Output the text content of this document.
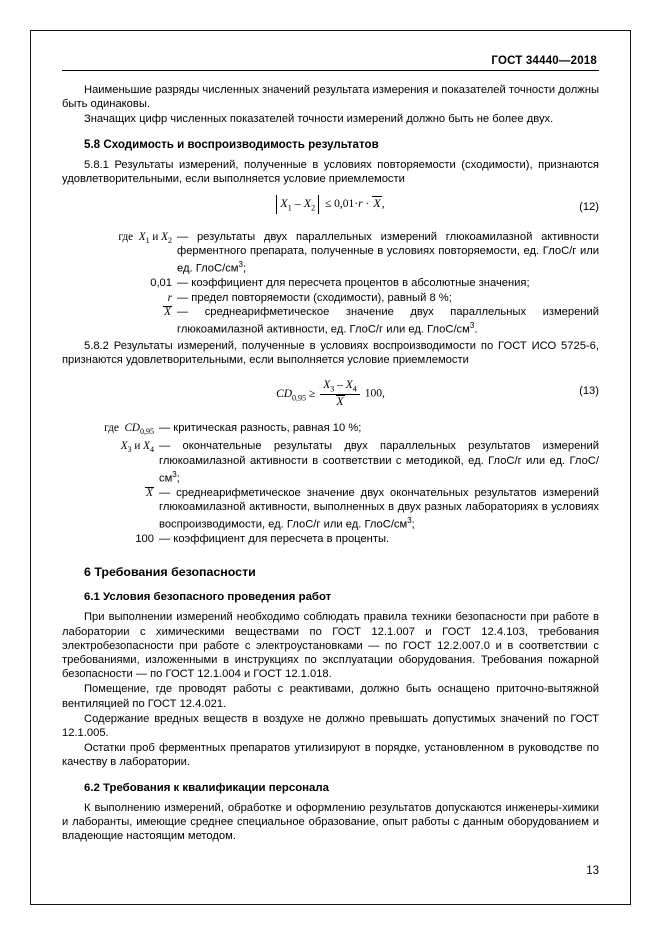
ГОСТ 34440—2018

Наименьшие разряды численных значений результата измерения и показателей точности должны быть одинаковы.

Значащих цифр численных показателей точности измерений должно быть не более двух.

5.8 Сходимость и воспроизводимость результатов

5.8.1 Результаты измерений, полученные в условиях повторяемости (сходимости), признаются удовлетворительными, если выполняется условие приемлемости

$X_1 - X_2 \le 0,01\cdot r \cdot X$,	(12)
где  $X_1$ и $X_2$ — результаты двух параллельных измерений глюкоамилазной активности ферментного препарата, полученные в условиях повторяемости, ед. ГлоС/г или ед. ГлоС/$см^3$;
0,01 — коэффициент для пересчета процентов в абсолютные значения;
r — предел повторяемости (сходимости), равный 8 %;
X — среднеарифметическое значение двух параллельных измерений глюкоамилазной активности, ед. ГлоС/г или ед. ГлоС/$см^3$.

5.8.2 Результаты измерений, полученные в условиях воспроизводимости по ГОСТ ИСО 5725-6, признаются удовлетворительными, если выполняется условие приемлемости

$CD_{0,95} \ge \frac{X_3 - X_4}{X} 100$,	(13)
где  $CD_{0,95}$ — критическая разность, равная 10 %;
$X_3$ и $X_4$ — окончательные результаты двух параллельных результатов измерений глюкоамилазной активности в соответствии с методикой, ед. ГлоС/г или ед. ГлоС/$см^3$;
X — среднеарифметическое значение двух окончательных результатов измерений глюкоамилазной активности, выполненных в двух разных лабораториях в условиях воспроизводимости, ед. ГлоС/г или ед. ГлоС/$см^3$;
100 — коэффициент для пересчета в проценты.
6 Требования безопасности
6.1 Условия безопасного проведения работ

При выполнении измерений необходимо соблюдать правила техники безопасности при работе в лаборатории с химическими веществами по ГОСТ 12.1.007 и ГОСТ 12.4.103, требования электробезопасности при работе с электроустановками — по ГОСТ 12.2.007.0 и в соответствии с требованиями, изложенными в инструкциях по эксплуатации оборудования. Требования пожарной безопасности — по ГОСТ 12.1.004 и ГОСТ 12.1.018.

Помещение, где проводят работы с реактивами, должно быть оснащено приточно-вытяжной вентиляцией по ГОСТ 12.4.021.

Содержание вредных веществ в воздухе не должно превышать допустимых значений по ГОСТ 12.1.005.

Остатки проб ферментных препаратов утилизируют в порядке, установленном в руководстве по качеству в лаборатории.

6.2 Требования к квалификации персонала

К выполнению измерений, обработке и оформлению результатов допускаются инженеры-химики и лаборанты, имеющие среднее специальное образование, опыт работы с данным оборудованием и владеющие настоящим методом.

13
